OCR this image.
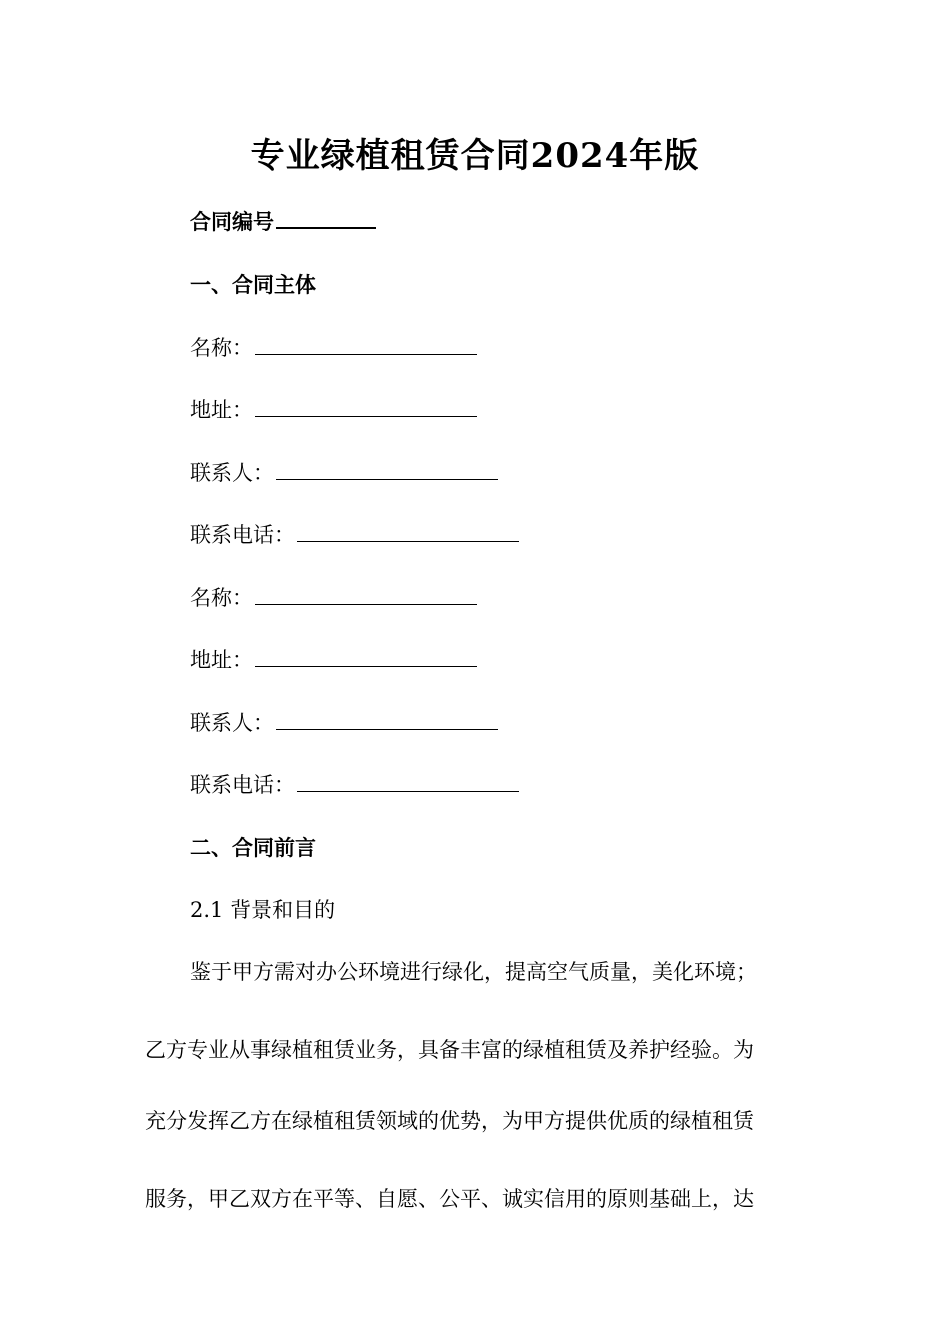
专业绿植租赁合同2024年版
合同编号
一、合同主体
名称：
地址：
联系人：
联系电话：
名称：
地址：
联系人：
联系电话：
二、合同前言
2.1 背景和目的
鉴于甲方需对办公环境进行绿化，提高空气质量，美化环境；
乙方专业从事绿植租赁业务，具备丰富的绿植租赁及养护经验。为
充分发挥乙方在绿植租赁领域的优势，为甲方提供优质的绿植租赁
服务，甲乙双方在平等、自愿、公平、诚实信用的原则基础上，达
